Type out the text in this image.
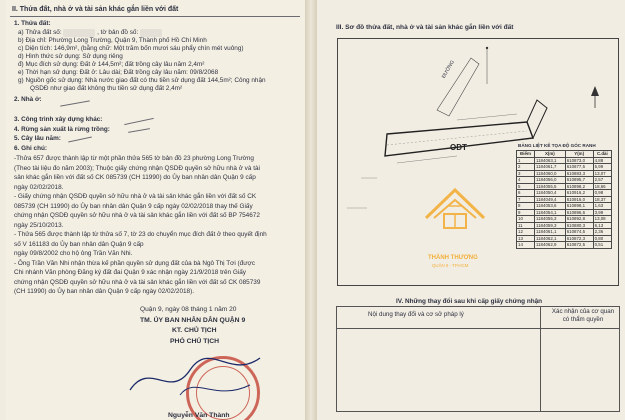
II. Thửa đất, nhà ở và tài sản khác gắn liền với đất
1. Thửa đất:
a) Thửa đất số: xxxxxxxxxx , tờ bản đồ số: xxxxxxx
b) Địa chỉ: Phường Long Trường, Quận 9, Thành phố Hồ Chí Minh
c) Diện tích: 146,9m², (bằng chữ: Một trăm bốn mươi sáu phẩy chín mét vuông)
d) Hình thức sử dụng: Sử dụng riêng
đ) Mục đích sử dụng: Đất ở 144,5m²; đất trồng cây lâu năm 2,4m²
e) Thời hạn sử dụng: Đất ở: Lâu dài; Đất trồng cây lâu năm: 09/8/2068
g) Nguồn gốc sử dụng: Nhà nước giao đất có thu tiền sử dụng đất 144,5m²; Công nhận
QSDĐ như giao đất không thu tiền sử dụng đất 2,4m²
2. Nhà ở:
3. Công trình xây dựng khác:
4. Rừng sản xuất là rừng trồng:
5. Cây lâu năm:
6. Ghi chú:
-Thửa 657 được thành lập từ một phần thửa 565 tờ bản đồ 23 phường Long Trường
(Theo tài liệu đo năm 2003); Thuộc giấy chứng nhận QSDĐ quyền sở hữu nhà ở và tài
sản khác gắn liền với đất số CK 085739 (CH 11990) do Ủy ban nhân dân Quận 9 cấp
ngày 02/02/2018.
- Giấy chứng nhận QSDĐ quyền sở hữu nhà ở và tài sản khác gắn liền với đất số CK
085739 (CH 11990) do Ủy ban nhân dân Quận 9 cấp ngày 02/02/2018 thay thế Giấy
chứng nhận QSDĐ quyền sở hữu nhà ở và tài sản khác gắn liền với đất số BP 754672
ngày 25/10/2013.
- Thửa 565 được thành lập từ thửa số 7, tờ 23 do chuyển mục đích đất ở theo quyết định
số V 161183 do Ủy ban nhân dân Quận 9 cấp
ngày 09/8/2002 cho hộ ông Trần Văn Nhi.
- Ông Trần Văn Nhi nhận thừa kế phần quyền sử dụng đất của bà Ngô Thị Tơi (được
Chi nhánh Văn phòng Đăng ký đất đai Quận 9 xác nhận ngày 21/9/2018 trên Giấy
chứng nhận QSDĐ quyền sở hữu nhà ở và tài sản khác gắn liền với đất số CK 085739
(CH 11990) do Ủy ban nhân dân Quận 9 cấp ngày 02/02/2018).
Quận 9, ngày 08 tháng 1 năm 20
TM. ỦY BAN NHÂN DÂN QUẬN 9
KT. CHỦ TỊCH
PHÓ CHỦ TỊCH
Nguyễn Văn Thành
III. Sơ đồ thửa đất, nhà ở và tài sản khác gắn liền với đất
ODT
ĐƯỜNG
BẢNG LIỆT KÊ TỌA ĐỘ GÓC RANH
Điểm	X(m)	Y(m)	C.dài
1	1184063,1	610873,0	4,88
2	1184061,7	610877,5	5,99
3	1184060,0	610883,3	13,07
4	1184056,0	610895,7	2,57
5	1184055,5	610898,2	18,66
6	1184050,4	610916,2	0,98
7	1184049,4	610916,0	18,37
8	1184053,6	610898,1	1,63
9	1184054,1	610896,6	3,99
10	1184055,3	610892,8	13,08
11	1184059,3	610880,3	6,13
12	1184061,1	610874,5	2,36
13	1184062,1	610872,3	0,80
14	1184062,9	610872,5	0,51
THÀNH THƯƠNG
QUẬN 9 - TP.HCM
IV. Những thay đổi sau khi cấp giấy chứng nhận
Nội dung thay đổi và cơ sở pháp lý	Xác nhận của cơ quan có thẩm quyền
